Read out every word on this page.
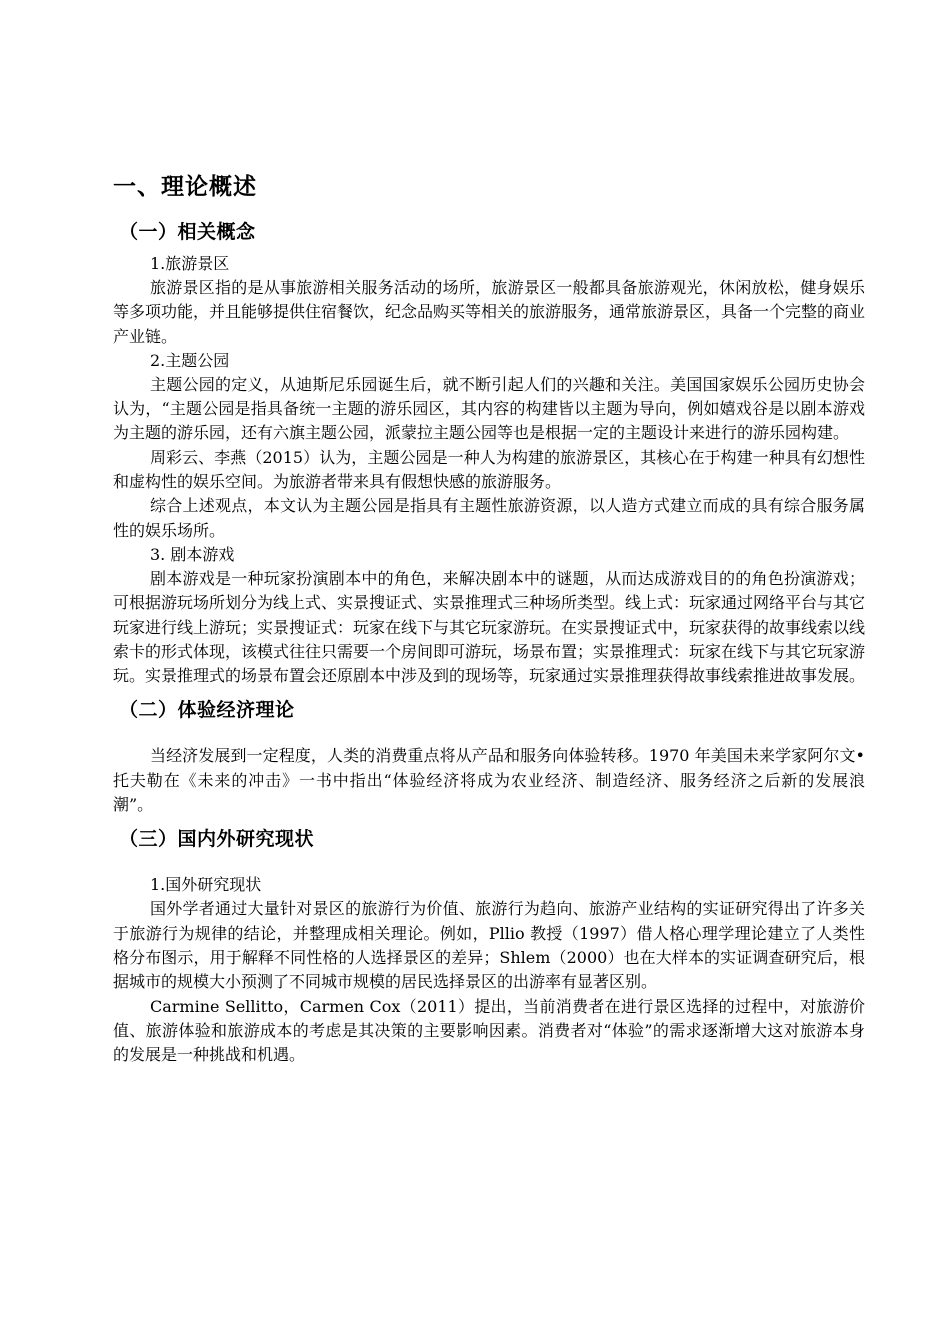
一、理论概述
（一）相关概念
1.旅游景区
旅游景区指的是从事旅游相关服务活动的场所，旅游景区一般都具备旅游观光，休闲放松，健身娱乐等多项功能，并且能够提供住宿餐饮，纪念品购买等相关的旅游服务，通常旅游景区，具备一个完整的商业产业链。
2.主题公园
主题公园的定义，从迪斯尼乐园诞生后，就不断引起人们的兴趣和关注。美国国家娱乐公园历史协会认为，“主题公园是指具备统一主题的游乐园区，其内容的构建皆以主题为导向，例如嬉戏谷是以剧本游戏为主题的游乐园，还有六旗主题公园，派蒙拉主题公园等也是根据一定的主题设计来进行的游乐园构建。
周彩云、李燕（2015）认为，主题公园是一种人为构建的旅游景区，其核心在于构建一种具有幻想性和虚构性的娱乐空间。为旅游者带来具有假想快感的旅游服务。
综合上述观点，本文认为主题公园是指具有主题性旅游资源，以人造方式建立而成的具有综合服务属性的娱乐场所。
3. 剧本游戏
剧本游戏是一种玩家扮演剧本中的角色，来解决剧本中的谜题，从而达成游戏目的的角色扮演游戏；可根据游玩场所划分为线上式、实景搜证式、实景推理式三种场所类型。线上式：玩家通过网络平台与其它玩家进行线上游玩；实景搜证式：玩家在线下与其它玩家游玩。在实景搜证式中，玩家获得的故事线索以线索卡的形式体现，该模式往往只需要一个房间即可游玩，场景布置；实景推理式：玩家在线下与其它玩家游玩。实景推理式的场景布置会还原剧本中涉及到的现场等，玩家通过实景推理获得故事线索推进故事发展。
（二）体验经济理论
当经济发展到一定程度，人类的消费重点将从产品和服务向体验转移。1970 年美国未来学家阿尔文•托夫勒在《未来的冲击》一书中指出“体验经济将成为农业经济、制造经济、服务经济之后新的发展浪潮”。
（三）国内外研究现状
1.国外研究现状
国外学者通过大量针对景区的旅游行为价值、旅游行为趋向、旅游产业结构的实证研究得出了许多关于旅游行为规律的结论，并整理成相关理论。例如，Pllio 教授（1997）借人格心理学理论建立了人类性格分布图示，用于解释不同性格的人选择景区的差异；Shlem（2000）也在大样本的实证调查研究后，根据城市的规模大小预测了不同城市规模的居民选择景区的出游率有显著区别。
Carmine Sellitto，Carmen Cox（2011）提出，当前消费者在进行景区选择的过程中，对旅游价值、旅游体验和旅游成本的考虑是其决策的主要影响因素。消费者对“体验”的需求逐渐增大这对旅游本身的发展是一种挑战和机遇。
